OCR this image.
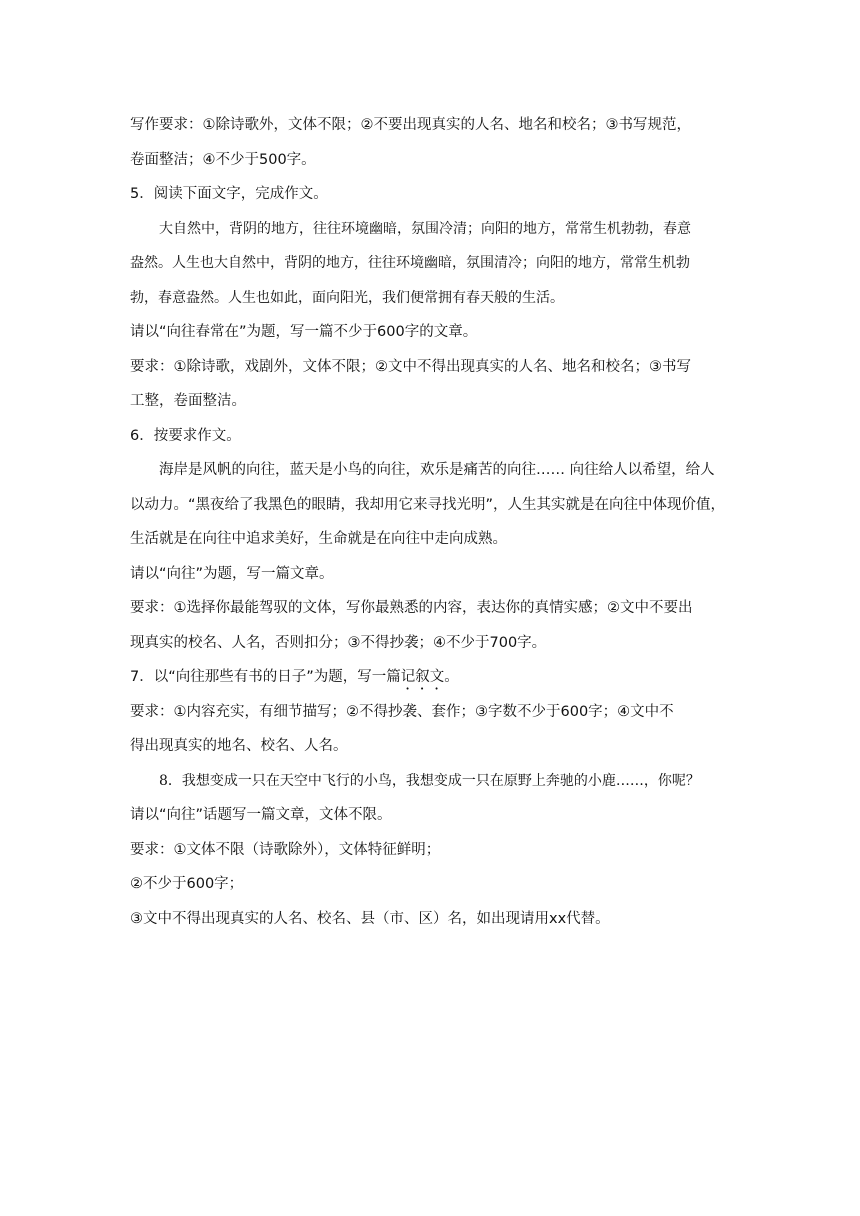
写作要求：①除诗歌外，文体不限；②不要出现真实的人名、地名和校名；③书写规范，
卷面整洁；④不少于500字。
5．阅读下面文字，完成作文。
大自然中，背阴的地方，往往环境幽暗，氛围冷清；向阳的地方，常常生机勃勃，春意
盎然。人生也大自然中，背阴的地方，往往环境幽暗，氛围清冷；向阳的地方，常常生机勃
勃，春意盎然。人生也如此，面向阳光，我们便常拥有春天般的生活。
请以“向往春常在”为题，写一篇不少于600字的文章。
要求：①除诗歌，戏剧外，文体不限；②文中不得出现真实的人名、地名和校名；③书写
工整，卷面整洁。
6．按要求作文。
海岸是风帆的向往，蓝天是小鸟的向往，欢乐是痛苦的向往…… 向往给人以希望，给人
以动力。“黑夜给了我黑色的眼睛，我却用它来寻找光明”，人生其实就是在向往中体现价值，
生活就是在向往中追求美好，生命就是在向往中走向成熟。
请以“向往”为题，写一篇文章。
要求：①选择你最能驾驭的文体，写你最熟悉的内容，表达你的真情实感；②文中不要出
现真实的校名、人名，否则扣分；③不得抄袭；④不少于700字。
7．以“向往那些有书的日子”为题，写一篇记叙文。
要求：①内容充实，有细节描写；②不得抄袭、套作；③字数不少于600字；④文中不
得出现真实的地名、校名、人名。
8．我想变成一只在天空中飞行的小鸟，我想变成一只在原野上奔驰的小鹿……，你呢？
请以“向往”话题写一篇文章，文体不限。
要求：①文体不限（诗歌除外），文体特征鲜明；
②不少于600字；
③文中不得出现真实的人名、校名、县（市、区）名，如出现请用xx代替。
